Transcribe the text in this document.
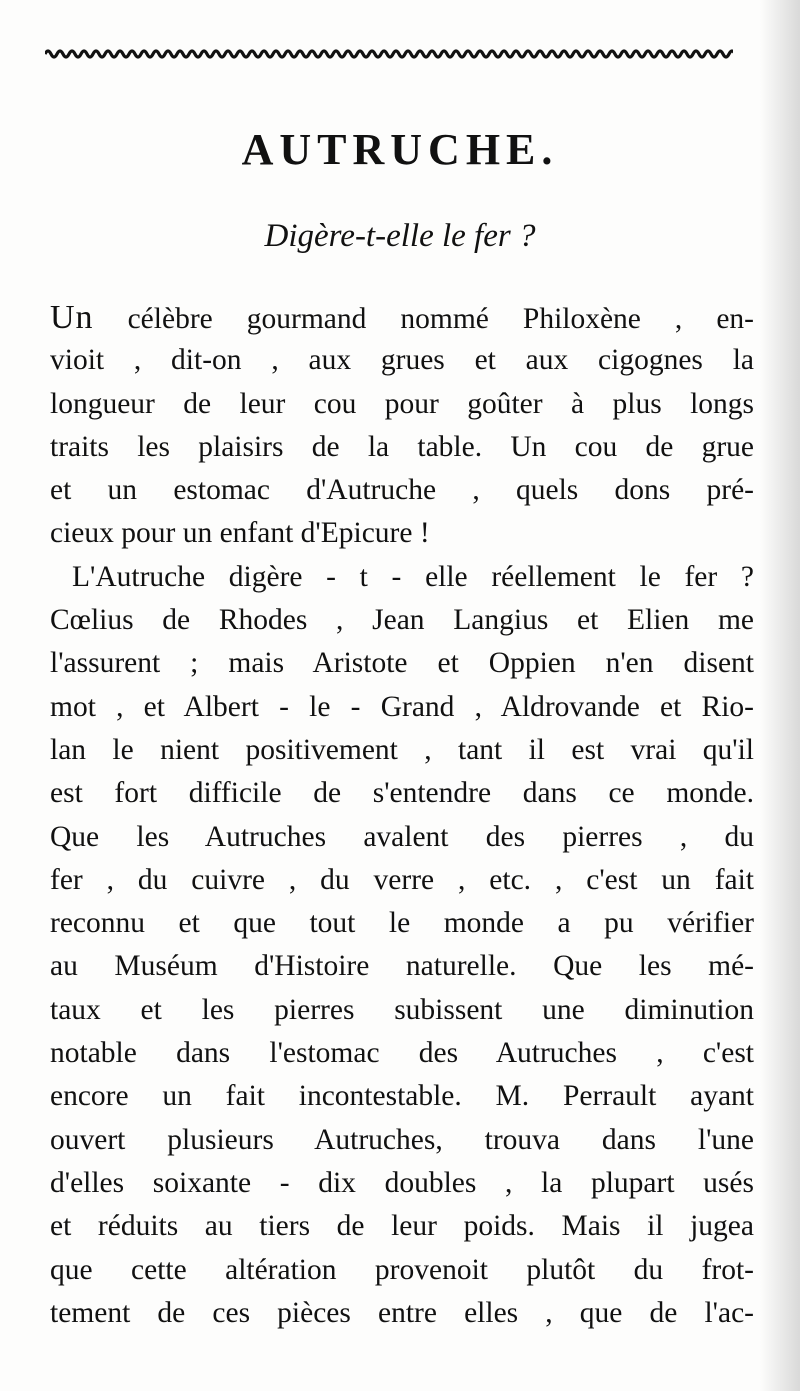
AUTRUCHE.
Digère-t-elle le fer ?
Un célèbre gourmand nommé Philoxène , en-
vioit , dit-on , aux grues et aux cigognes la
longueur de leur cou pour goûter à plus longs
traits les plaisirs de la table. Un cou de grue
et un estomac d'Autruche , quels dons pré-
cieux pour un enfant d'Epicure !
L'Autruche digère - t - elle réellement le fer ?
Cœlius de Rhodes , Jean Langius et Elien me
l'assurent ; mais Aristote et Oppien n'en disent
mot , et Albert - le - Grand , Aldrovande et Rio-
lan le nient positivement , tant il est vrai qu'il
est fort difficile de s'entendre dans ce monde.
Que les Autruches avalent des pierres , du
fer , du cuivre , du verre , etc. , c'est un fait
reconnu et que tout le monde a pu vérifier
au Muséum d'Histoire naturelle. Que les mé-
taux et les pierres subissent une diminution
notable dans l'estomac des Autruches , c'est
encore un fait incontestable. M. Perrault ayant
ouvert plusieurs Autruches, trouva dans l'une
d'elles soixante - dix doubles , la plupart usés
et réduits au tiers de leur poids. Mais il jugea
que cette altération provenoit plutôt du frot-
tement de ces pièces entre elles , que de l'ac-
